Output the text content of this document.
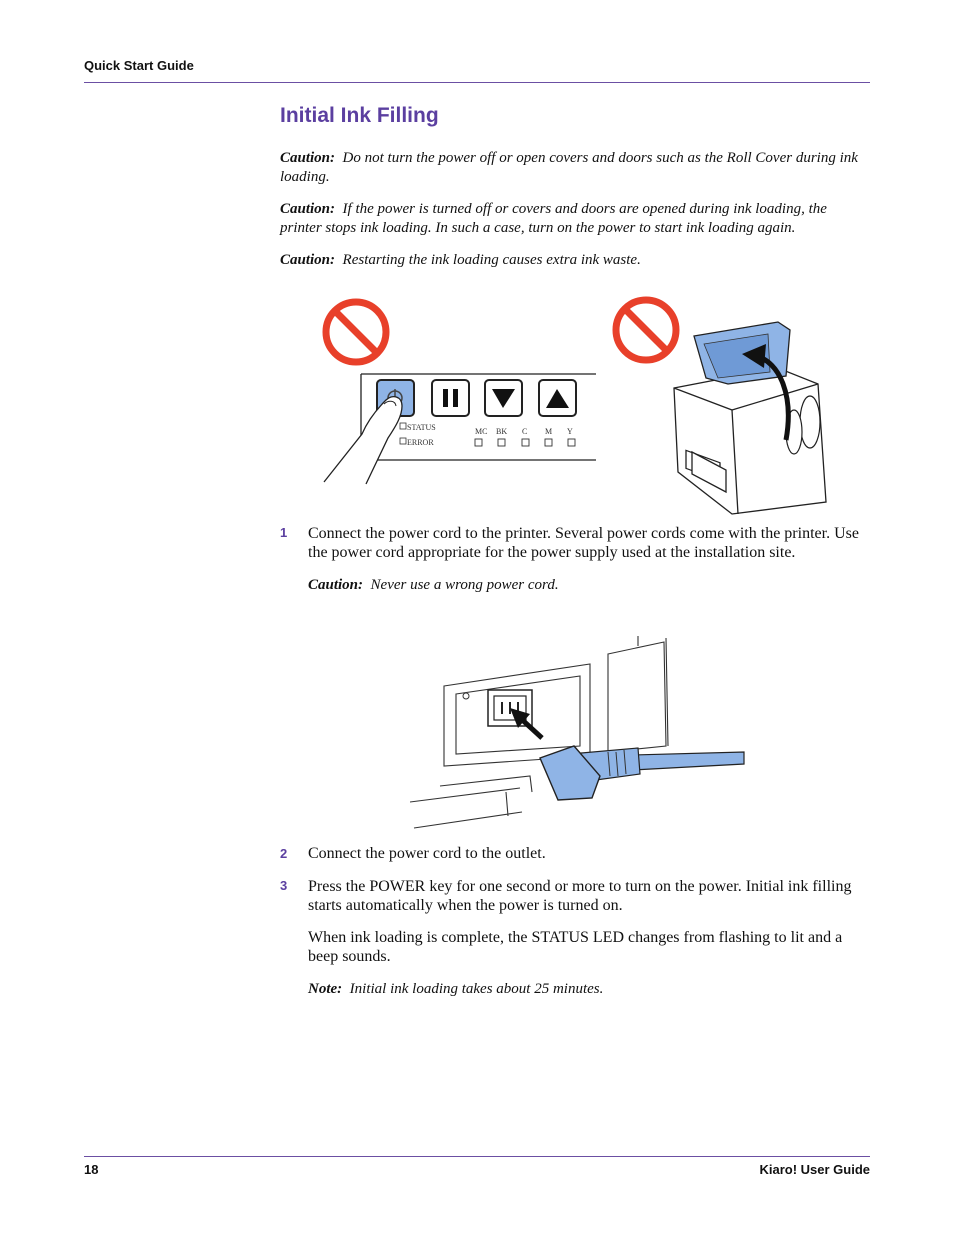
Quick Start Guide
Initial Ink Filling

Caution: Do not turn the power off or open covers and doors such as the Roll Cover during ink loading.

Caution: If the power is turned off or covers and doors are opened during ink loading, the printer stops ink loading. In such a case, turn on the power to start ink loading again.

Caution: Restarting the ink loading causes extra ink waste.

STATUS
ERROR
MC BK C M Y
1 Connect the power cord to the printer. Several power cords come with the printer. Use the power cord appropriate for the power supply used at the installation site.

Caution: Never use a wrong power cord.

2 Connect the power cord to the outlet.

3 Press the POWER key for one second or more to turn on the power. Initial ink filling starts automatically when the power is turned on.

When ink loading is complete, the STATUS LED changes from flashing to lit and a beep sounds.

Note: Initial ink loading takes about 25 minutes.

18	Kiaro! User Guide
